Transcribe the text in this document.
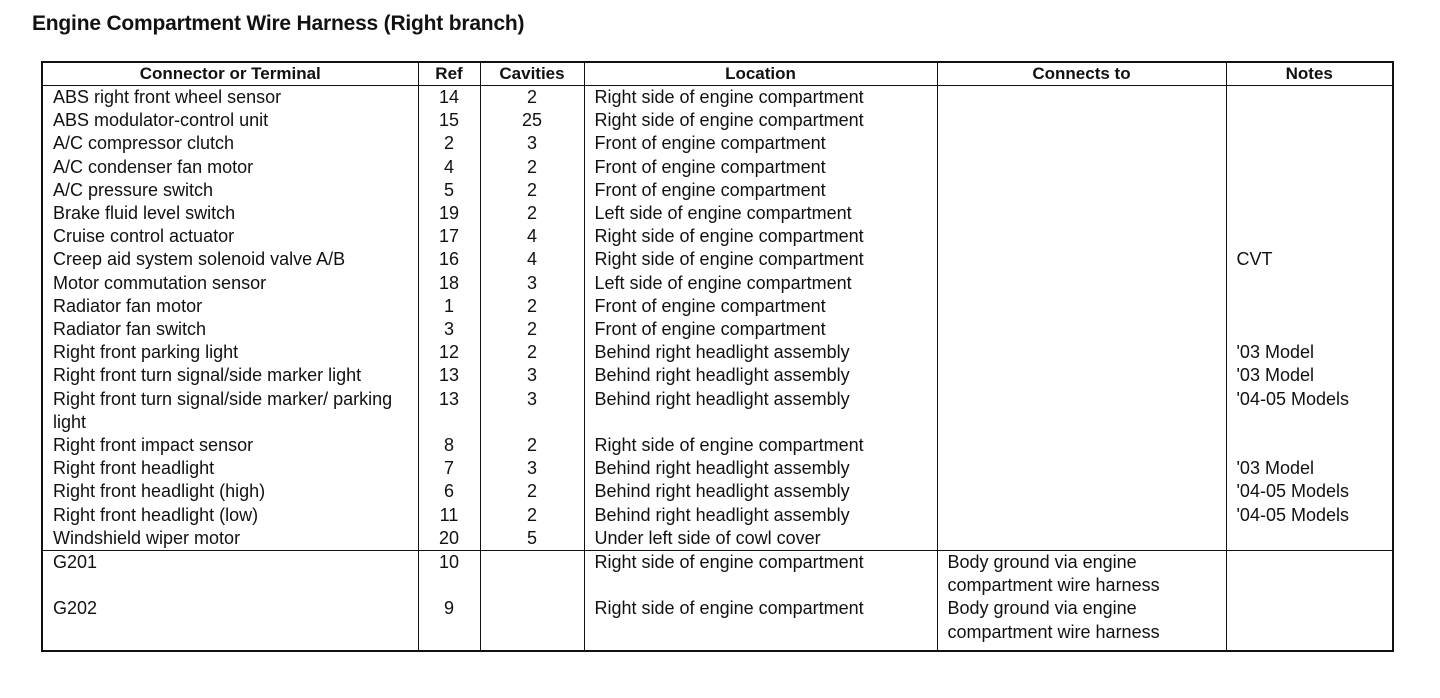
Engine Compartment Wire Harness (Right branch)
Connector or Terminal	Ref	Cavities	Location	Connects to	Notes
ABS right front wheel sensor	14	2	Right side of engine compartment		
ABS modulator-control unit	15	25	Right side of engine compartment		
A/C compressor clutch	2	3	Front of engine compartment		
A/C condenser fan motor	4	2	Front of engine compartment		
A/C pressure switch	5	2	Front of engine compartment		
Brake fluid level switch	19	2	Left side of engine compartment		
Cruise control actuator	17	4	Right side of engine compartment		
Creep aid system solenoid valve A/B	16	4	Right side of engine compartment		CVT
Motor commutation sensor	18	3	Left side of engine compartment		
Radiator fan motor	1	2	Front of engine compartment		
Radiator fan switch	3	2	Front of engine compartment		
Right front parking light	12	2	Behind right headlight assembly		'03 Model
Right front turn signal/side marker light	13	3	Behind right headlight assembly		'03 Model
Right front turn signal/side marker/ parking light	13	3	Behind right headlight assembly		'04-05 Models
Right front impact sensor	8	2	Right side of engine compartment		
Right front headlight	7	3	Behind right headlight assembly		'03 Model
Right front headlight (high)	6	2	Behind right headlight assembly		'04-05 Models
Right front headlight (low)	11	2	Behind right headlight assembly		'04-05 Models
Windshield wiper motor	20	5	Under left side of cowl cover		
G201	10		Right side of engine compartment	Body ground via engine compartment wire harness	
G202	9		Right side of engine compartment	Body ground via engine compartment wire harness	
